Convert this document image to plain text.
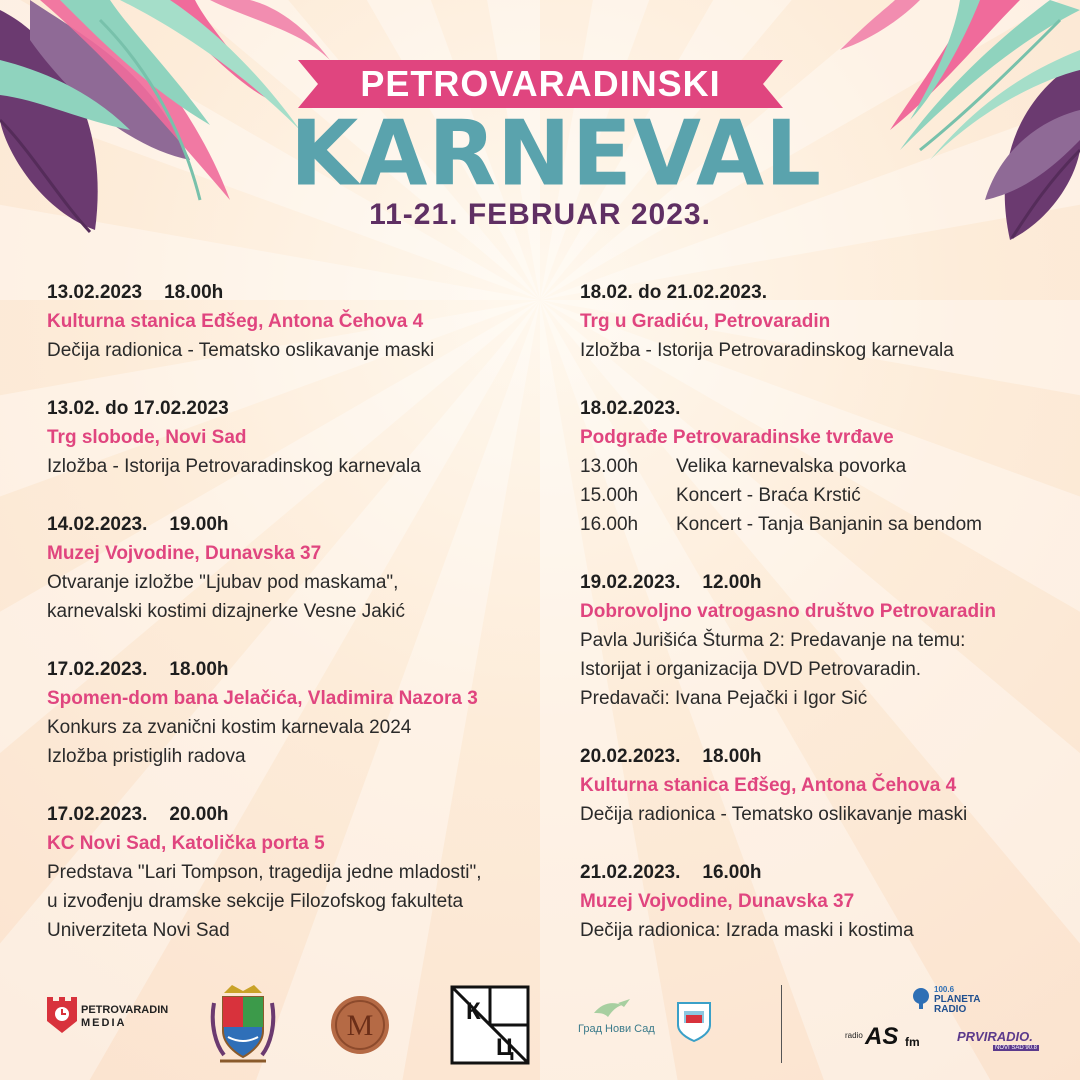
PETROVARADINSKI
KARNEVAL
11-21. FEBRUAR 2023.
13.02.2023 18.00h
Kulturna stanica Eđšeg, Antona Čehova 4
Dečija radionica - Tematsko oslikavanje maski
13.02. do 17.02.2023
Trg slobode, Novi Sad
Izložba - Istorija Petrovaradinskog karnevala
14.02.2023. 19.00h
Muzej Vojvodine, Dunavska 37
Otvaranje izložbe "Ljubav pod maskama",
karnevalski kostimi dizajnerke Vesne Jakić
17.02.2023. 18.00h
Spomen-dom bana Jelačića, Vladimira Nazora 3
Konkurs za zvanični kostim karnevala 2024
Izložba pristiglih radova
17.02.2023. 20.00h
KC Novi Sad, Katolička porta 5
Predstava "Lari Tompson, tragedija jedne mladosti",
u izvođenju dramske sekcije Filozofskog fakulteta
Univerziteta Novi Sad
18.02. do 21.02.2023.
Trg u Gradiću, Petrovaradin
Izložba - Istorija Petrovaradinskog karnevala
18.02.2023.
Podgrađe Petrovaradinske tvrđave
13.00h	Velika karnevalska povorka
15.00h	Koncert - Braća Krstić
16.00h	Koncert - Tanja Banjanin sa bendom
19.02.2023. 12.00h
Dobrovoljno vatrogasno društvo Petrovaradin
Pavla Jurišića Šturma 2: Predavanje na temu:
Istorijat i organizacija DVD Petrovaradin.
Predavači: Ivana Pejački i Igor Sić
20.02.2023. 18.00h
Kulturna stanica Eđšeg, Antona Čehova 4
Dečija radionica - Tematsko oslikavanje maski
21.02.2023. 16.00h
Muzej Vojvodine, Dunavska 37
Dečija radionica: Izrada maski i kostima
PETROVARADIN
MEDIA	M	К
Ц
Град Нови Сад
100.6
PLANETA
RADIO
radio AS fm	PRVIRADIO.
NOVI SAD 90.8
